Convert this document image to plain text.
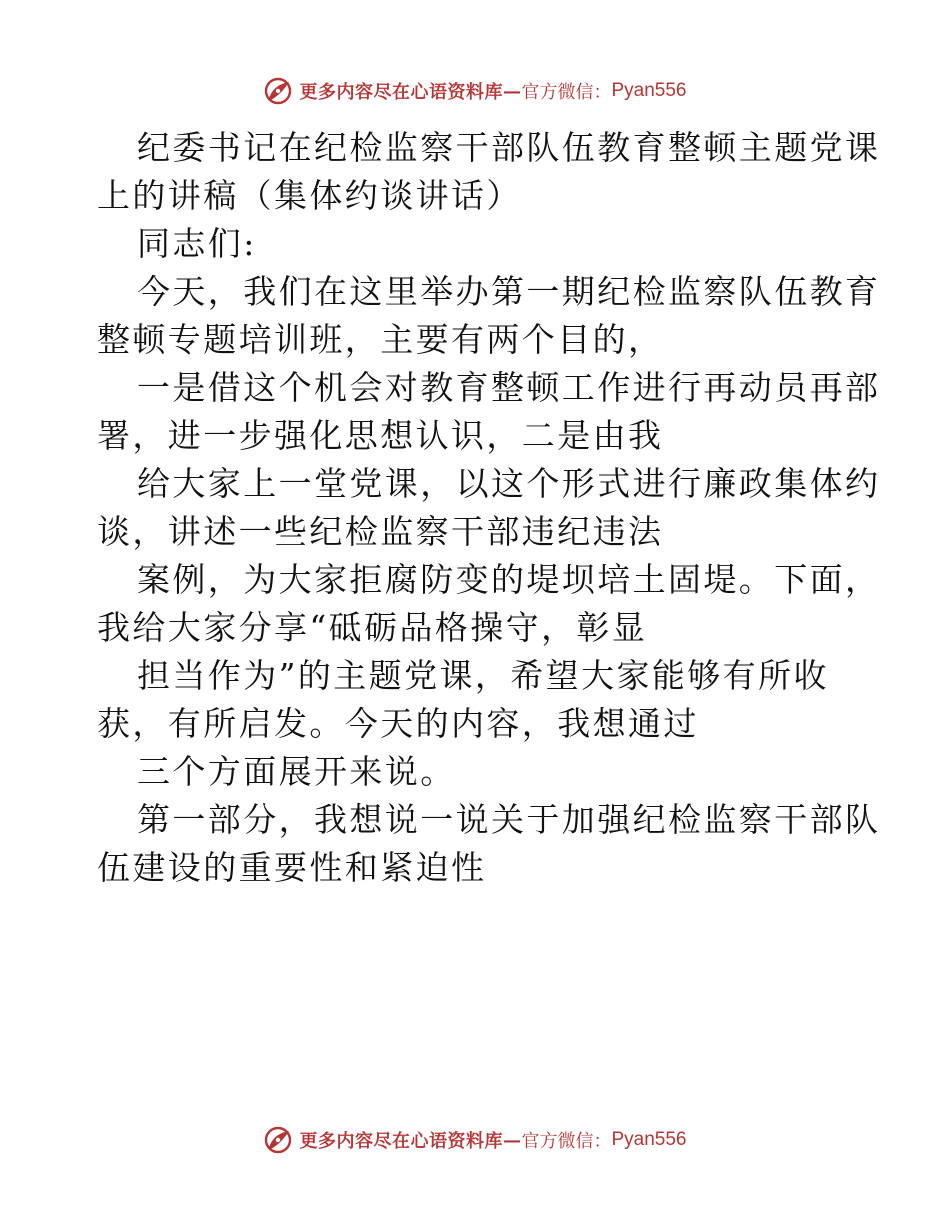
更多内容尽在心语资料库 — 官方微信： Pyan556

纪委书记在纪检监察干部队伍教育整顿主题党课

上的讲稿（集体约谈讲话）

同志们:

今天，我们在这里举办第一期纪检监察队伍教育

整顿专题培训班，主要有两个目的，

一是借这个机会对教育整顿工作进行再动员再部

署，进一步强化思想认识，二是由我

给大家上一堂党课，以这个形式进行廉政集体约

谈，讲述一些纪检监察干部违纪违法

案例，为大家拒腐防变的堤坝培土固堤。下面，

我给大家分享“砥砺品格操守，彰显

担当作为”的主题党课，希望大家能够有所收

获，有所启发。今天的内容，我想通过

三个方面展开来说。

第一部分，我想说一说关于加强纪检监察干部队

伍建设的重要性和紧迫性

更多内容尽在心语资料库 — 官方微信： Pyan556
